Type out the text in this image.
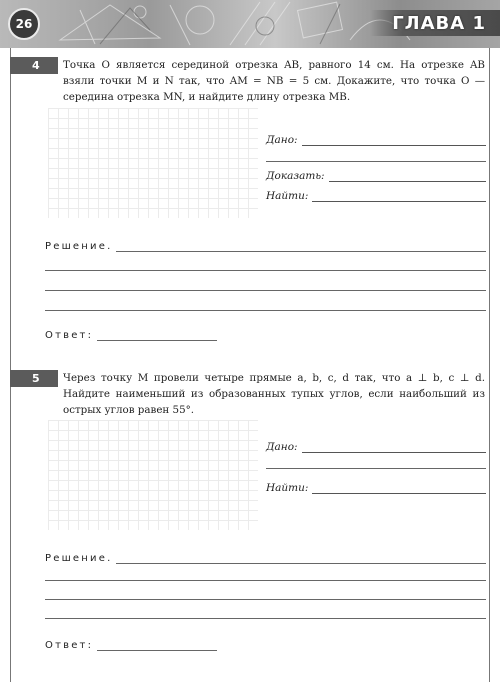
26	ГЛАВА 1
4	Точка O является серединой отрезка AB, равного 14 см. На отрезке AB взяли точки M и N так, что AM = NB = 5 см. Докажите, что точка O — середина отрезка MN, и найдите длину отрезка MB.
Дано:
Доказать:
Найти:
Решение.
Ответ:
5	Через точку M провели четыре прямые a, b, c, d так, что a ⊥ b, c ⊥ d. Найдите наименьший из образованных тупых углов, если наибольший из острых углов равен 55°.
Дано:
Найти:
Решение.
Ответ:
